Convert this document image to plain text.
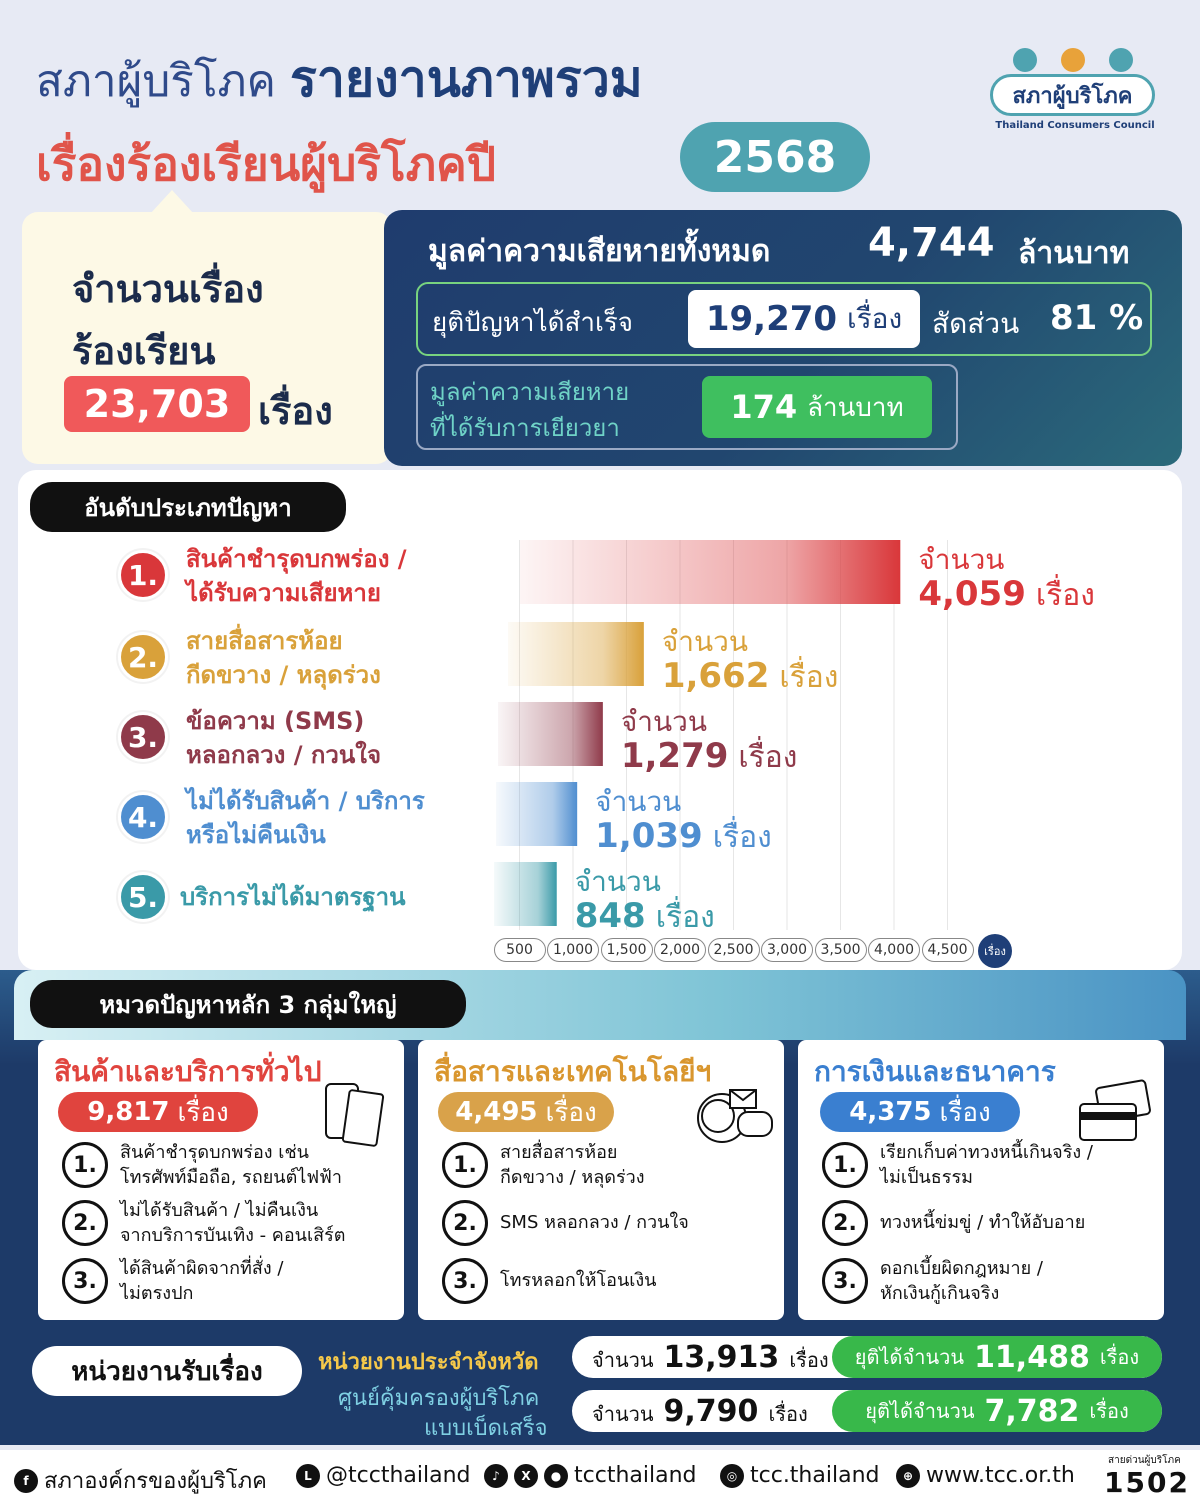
สภาผู้บริโภค รายงานภาพรวม
เรื่องร้องเรียนผู้บริโภคปี	2568
สภาผู้บริโภค
Thailand Consumers Council
จำนวนเรื่อง
ร้องเรียน
23,703 เรื่อง
มูลค่าความเสียหายทั้งหมด 4,744 ล้านบาท
ยุติปัญหาได้สำเร็จ 19,270 เรื่อง สัดส่วน 81 %
มูลค่าความเสียหาย
ที่ได้รับการเยียวยา
174 ล้านบาท
อันดับประเภทปัญหา
1.	สินค้าชำรุดบกพร่อง /
ได้รับความเสียหาย
จำนวน
4,059 เรื่อง
2.	สายสื่อสารห้อย
กีดขวาง / หลุดร่วง
จำนวน
1,662 เรื่อง
3.	ข้อความ (SMS)
หลอกลวง / กวนใจ
จำนวน
1,279 เรื่อง
4.	ไม่ได้รับสินค้า / บริการ
หรือไม่คืนเงิน
จำนวน
1,039 เรื่อง
5. บริการไม่ได้มาตรฐาน	จำนวน
848 เรื่อง
500	1,000 1,500 2,000 2,500 3,000 3,500 4,000 4,500	เรื่อง
หมวดปัญหาหลัก 3 กลุ่มใหญ่
สินค้าและบริการทั่วไป
9,817 เรื่อง
1.	สินค้าชำรุดบกพร่อง เช่น
โทรศัพท์มือถือ, รถยนต์ไฟฟ้า
2.	ไม่ได้รับสินค้า / ไม่คืนเงิน
จากบริการบันเทิง - คอนเสิร์ต
3.	ได้สินค้าผิดจากที่สั่ง /
ไม่ตรงปก
สื่อสารและเทคโนโลยีฯ
4,495 เรื่อง
1.	สายสื่อสารห้อย
กีดขวาง / หลุดร่วง
2.	SMS หลอกลวง / กวนใจ
3.	โทรหลอกให้โอนเงิน
การเงินและธนาคาร
4,375 เรื่อง
1.	เรียกเก็บค่าทวงหนี้เกินจริง /
ไม่เป็นธรรม
2.	ทวงหนี้ข่มขู่ / ทำให้อับอาย
3.	ดอกเบี้ยผิดกฎหมาย /
หักเงินกู้เกินจริง
หน่วยงานรับเรื่อง	หน่วยงานประจำจังหวัด
ศูนย์คุ้มครองผู้บริโภค
แบบเบ็ดเสร็จ
จำนวน 13,913 เรื่อง ยุติได้จำนวน 11,488 เรื่อง
จำนวน 9,790 เรื่อง	ยุติได้จำนวน 7,782 เรื่อง
f สภาองค์กรของผู้บริโภค	L @tccthailand	♪	X	● tccthailand	◎ tcc.thailand	⊕ www.tcc.or.th
สายด่วนผู้บริโภค
1502
